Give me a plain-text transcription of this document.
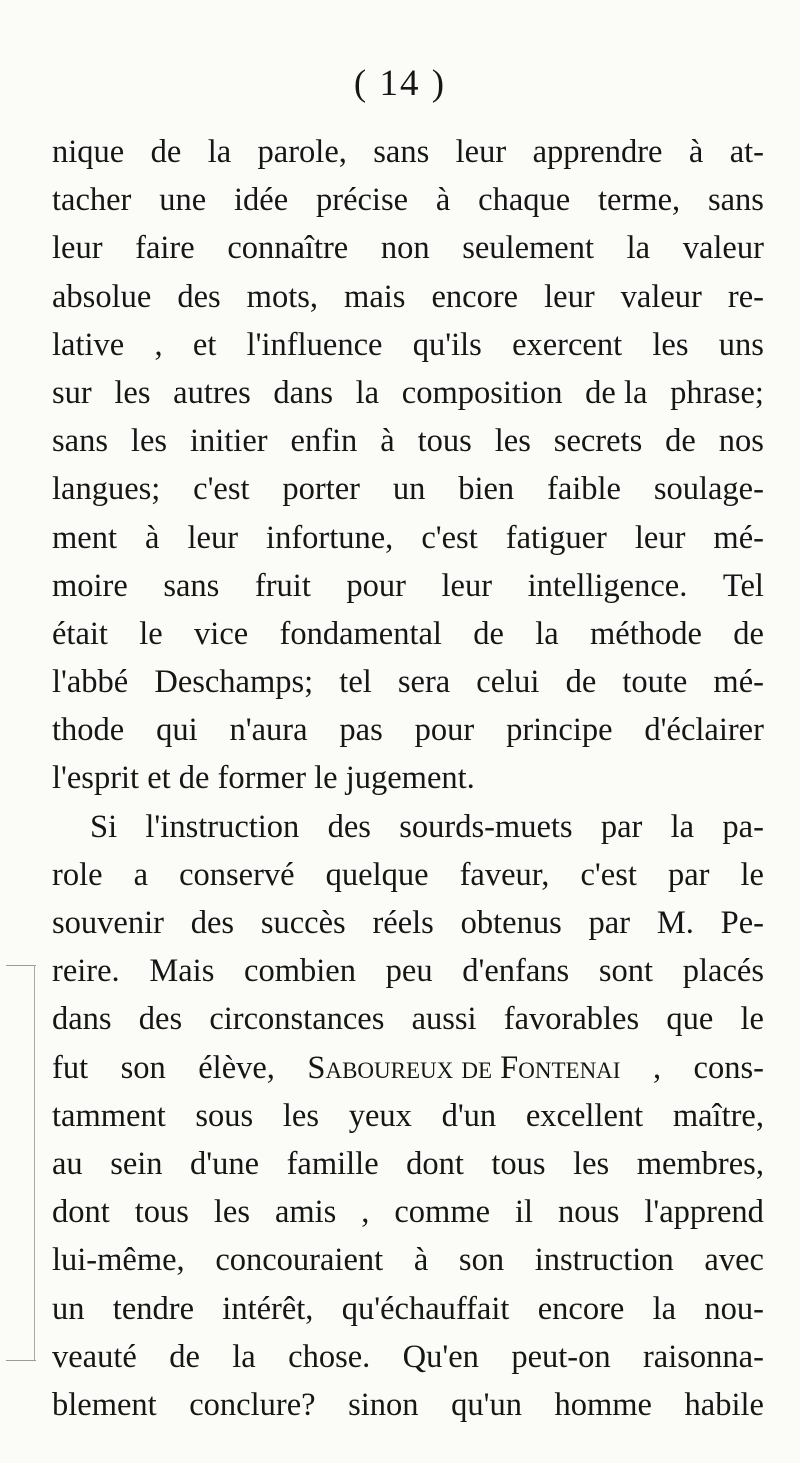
( 14 )
nique de la parole, sans leur apprendre à at-
tacher une idée précise à chaque terme, sans
leur faire connaître non seulement la valeur
absolue des mots, mais encore leur valeur re-
lative , et l'influence qu'ils exercent les uns
sur les autres dans la composition de la phrase;
sans les initier enfin à tous les secrets de nos
langues; c'est porter un bien faible soulage-
ment à leur infortune, c'est fatiguer leur mé-
moire sans fruit pour leur intelligence. Tel
était le vice fondamental de la méthode de
l'abbé Deschamps; tel sera celui de toute mé-
thode qui n'aura pas pour principe d'éclairer
l'esprit et de former le jugement.
Si l'instruction des sourds-muets par la pa-
role a conservé quelque faveur, c'est par le
souvenir des succès réels obtenus par M. Pe-
reire. Mais combien peu d'enfans sont placés
dans des circonstances aussi favorables que le
fut son élève, Saboureux de Fontenai , cons-
tamment sous les yeux d'un excellent maître,
au sein d'une famille dont tous les membres,
dont tous les amis , comme il nous l'apprend
lui-même, concouraient à son instruction avec
un tendre intérêt, qu'échauffait encore la nou-
veauté de la chose. Qu'en peut-on raisonna-
blement conclure? sinon qu'un homme habile
